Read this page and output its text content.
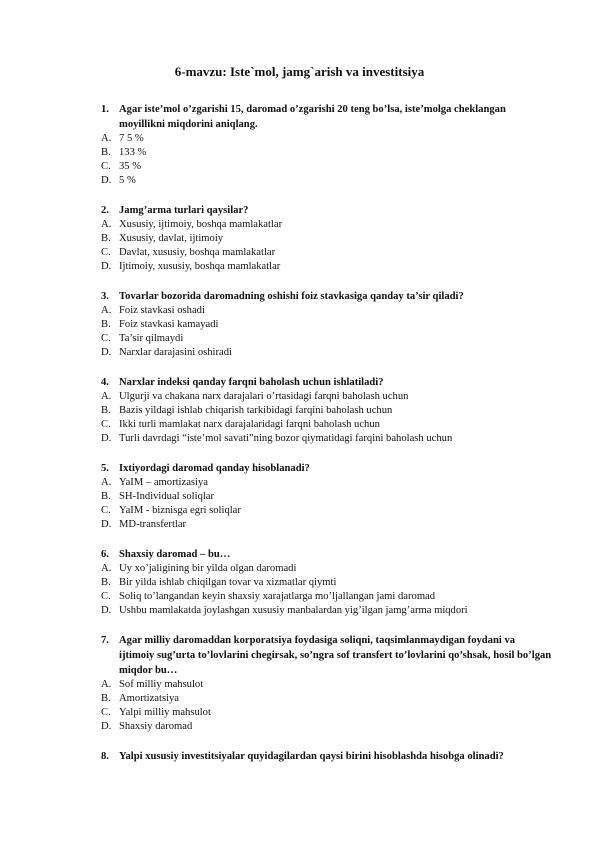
6-mavzu: Iste`mol, jamg`arish va investitsiya
1. Agar iste’mol o’zgarishi 15, daromad o’zgarishi 20 teng bo’lsa, iste’molga cheklangan moyillikni miqdorini aniqlang.
A. 7 5 %
B. 133 %
C. 35 %
D. 5 %
2. Jamg’arma turlari qaysilar?
A. Xususiy, ijtimoiy, boshqa mamlakatlar
B. Xususiy, davlat, ijtimoiy
C. Davlat, xususiy, boshqa mamlakatlar
D. Ijtimoiy, xususiy, boshqa mamlakatlar
3. Tovarlar bozorida daromadning oshishi foiz stavkasiga qanday ta’sir qiladi?
A. Foiz stavkasi oshadi
B. Foiz stavkasi kamayadi
C. Ta’sir qilmaydi
D. Narxlar darajasini oshiradi
4. Narxlar indeksi qanday farqni baholash uchun ishlatiladi?
A. Ulgurji va chakana narx darajalari o’rtasidagi farqni baholash uchun
B. Bazis yildagi ishlab chiqarish tarkibidagi farqini baholash uchun
C. Ikki turli mamlakat narx darajalaridagi farqni baholash uchun
D. Turli davrdagi “iste’mol savati”ning bozor qiymatidagi farqini baholash uchun
5. Ixtiyordagi daromad qanday hisoblanadi?
A. YaIM – amortizasiya
B. SH-Individual soliqlar
C. YaIM - biznisga egri soliqlar
D. MD-transfertlar
6. Shaxsiy daromad – bu…
A. Uy xo’jaligining bir yilda olgan daromadi
B. Bir yilda ishlab chiqilgan tovar va xizmatlar qiymti
C. Soliq to’langandan keyin shaxsiy xarajatlarga mo’ljallangan jami daromad
D. Ushbu mamlakatda joylashgan xususiy manbalardan yig’ilgan jamg’arma miqdori
7. Agar milliy daromaddan korporatsiya foydasiga soliqni, taqsimlanmaydigan foydani va ijtimoiy sug’urta to’lovlarini chegirsak, so’ngra sof transfert to’lovlarini qo’shsak, hosil bo’lgan miqdor bu…
A. Sof milliy mahsulot
B. Amortizatsiya
C. Yalpi milliy mahsulot
D. Shaxsiy daromad
8. Yalpi xususiy investitsiyalar quyidagilardan qaysi birini hisoblashda hisobga olinadi?
